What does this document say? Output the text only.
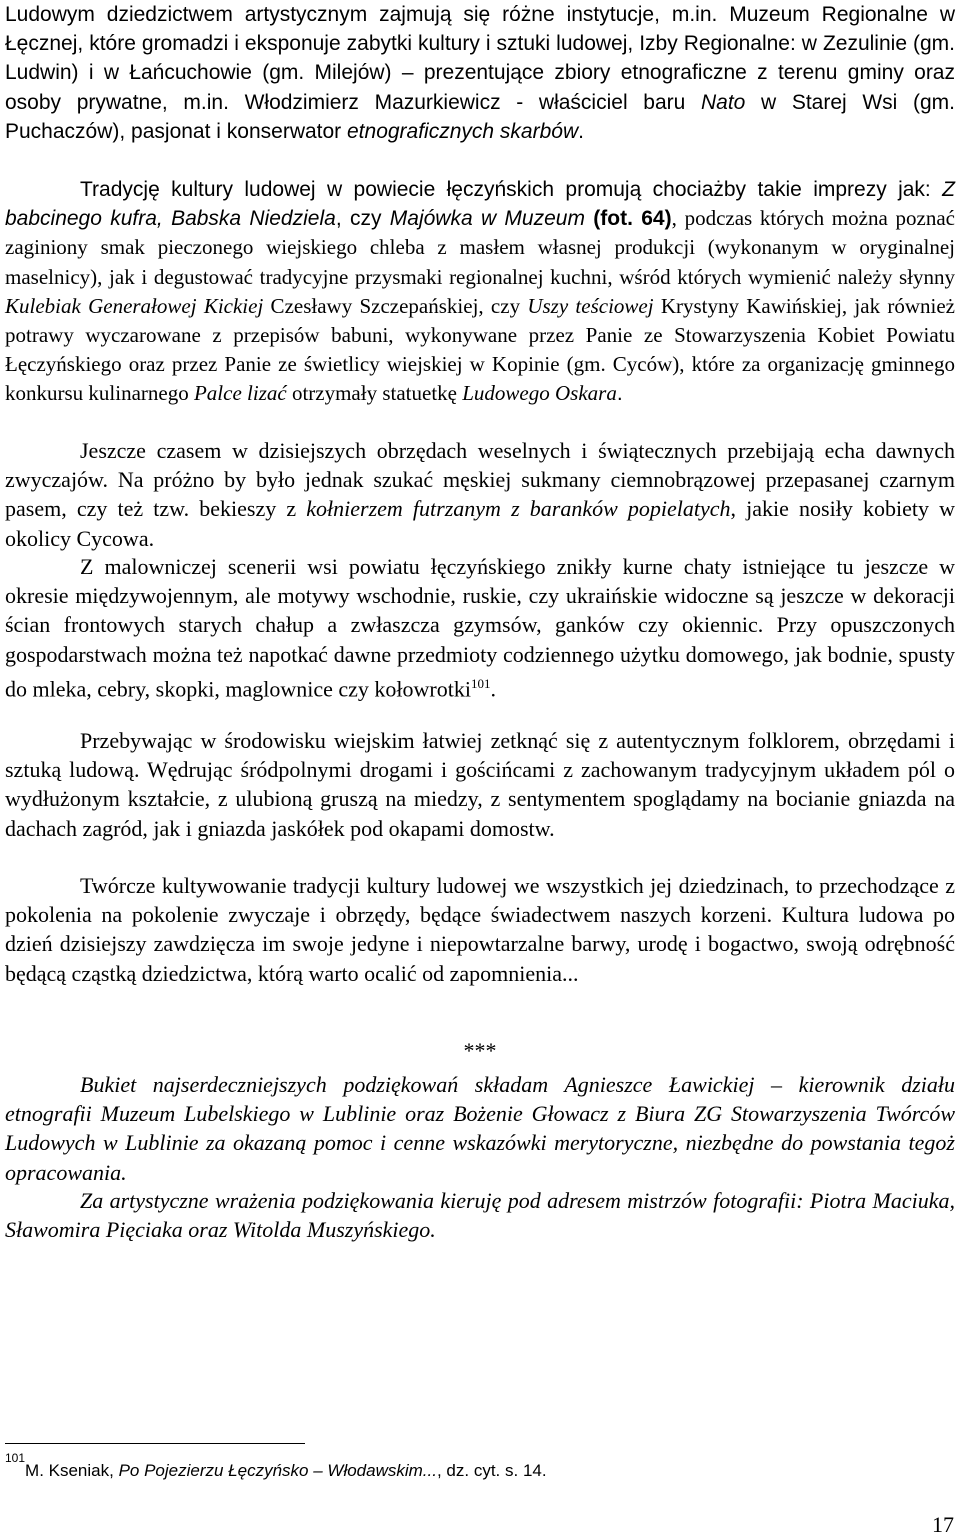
Ludowym dziedzictwem artystycznym zajmują się różne instytucje, m.in. Muzeum Regionalne w Łęcznej, które gromadzi i eksponuje zabytki kultury i sztuki ludowej, Izby Regionalne: w Zezulinie (gm. Ludwin) i w Łańcuchowie (gm. Milejów) – prezentujące zbiory etnograficzne z terenu gminy oraz osoby prywatne, m.in. Włodzimierz Mazurkiewicz - właściciel baru Nato w Starej Wsi (gm. Puchaczów), pasjonat i konserwator etnograficznych skarbów.

Tradycję kultury ludowej w powiecie łęczyńskich promują chociażby takie imprezy jak: Z babcinego kufra, Babska Niedziela, czy Majówka w Muzeum (fot. 64), podczas których można poznać zaginiony smak pieczonego wiejskiego chleba z masłem własnej produkcji (wykonanym w oryginalnej maselnicy), jak i degustować tradycyjne przysmaki regionalnej kuchni, wśród których wymienić należy słynny Kulebiak Generałowej Kickiej Czesławy Szczepańskiej, czy Uszy teściowej Krystyny Kawińskiej, jak również potrawy wyczarowane z przepisów babuni, wykonywane przez Panie ze Stowarzyszenia Kobiet Powiatu Łęczyńskiego oraz przez Panie ze świetlicy wiejskiej w Kopinie (gm. Cyców), które za organizację gminnego konkursu kulinarnego Palce lizać otrzymały statuetkę Ludowego Oskara.

Jeszcze czasem w dzisiejszych obrzędach weselnych i świątecznych przebijają echa dawnych zwyczajów. Na próżno by było jednak szukać męskiej sukmany ciemnobrązowej przepasanej czarnym pasem, czy też tzw. bekieszy z kołnierzem futrzanym z baranków popielatych, jakie nosiły kobiety w okolicy Cycowa.

Z malowniczej scenerii wsi powiatu łęczyńskiego znikły kurne chaty istniejące tu jeszcze w okresie międzywojennym, ale motywy wschodnie, ruskie, czy ukraińskie widoczne są jeszcze w dekoracji ścian frontowych starych chałup a zwłaszcza gzymsów, ganków czy okiennic. Przy opuszczonych gospodarstwach można też napotkać dawne przedmioty codziennego użytku domowego, jak bodnie, spusty do mleka, cebry, skopki, maglownice czy kołowrotki$^{101}$.

Przebywając w środowisku wiejskim łatwiej zetknąć się z autentycznym folklorem, obrzędami i sztuką ludową. Wędrując śródpolnymi drogami i gościńcami z zachowanym tradycyjnym układem pól o wydłużonym kształcie, z ulubioną gruszą na miedzy, z sentymentem spoglądamy na bocianie gniazda na dachach zagród, jak i gniazda jaskółek pod okapami domostw.

Twórcze kultywowanie tradycji kultury ludowej we wszystkich jej dziedzinach, to przechodzące z pokolenia na pokolenie zwyczaje i obrzędy, będące świadectwem naszych korzeni. Kultura ludowa po dzień dzisiejszy zawdzięcza im swoje jedyne i niepowtarzalne barwy, urodę i bogactwo, swoją odrębność będącą cząstką dziedzictwa, którą warto ocalić od zapomnienia...

***

Bukiet najserdeczniejszych podziękowań składam Agnieszce Ławickiej – kierownik działu etnografii Muzeum Lubelskiego w Lublinie oraz Bożenie Głowacz z Biura ZG Stowarzyszenia Twórców Ludowych w Lublinie za okazaną pomoc i cenne wskazówki merytoryczne, niezbędne do powstania tegoż opracowania.

Za artystyczne wrażenia podziękowania kieruję pod adresem mistrzów fotografii: Piotra Maciuka, Sławomira Pięciaka oraz Witolda Muszyńskiego.

$^{101}$M. Kseniak, Po Pojezierzu Łęczyńsko – Włodawskim..., dz. cyt. s. 14.
17
